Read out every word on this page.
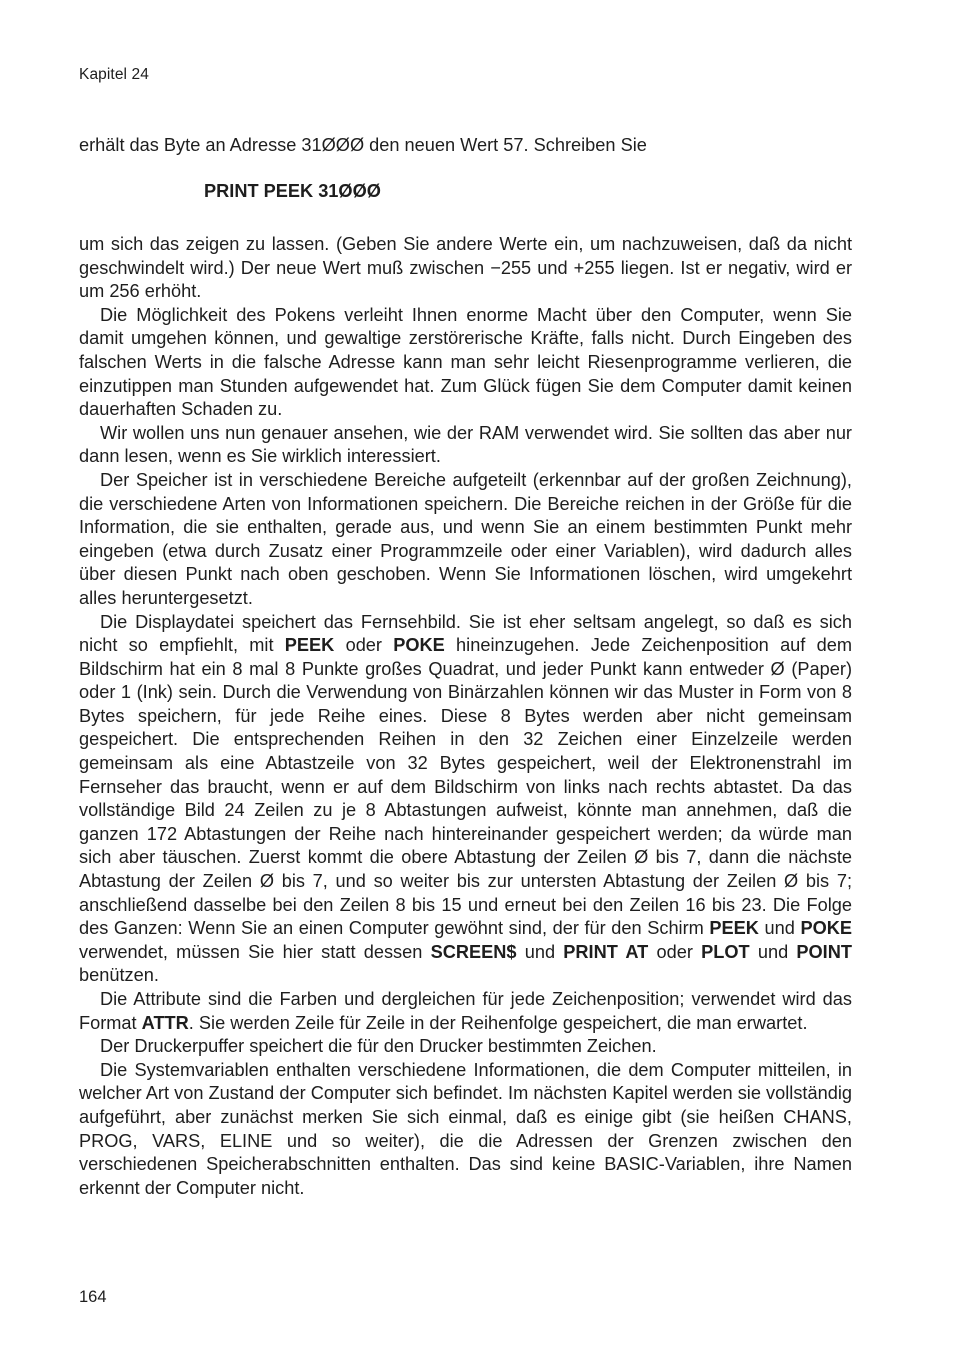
Kapitel 24
erhält das Byte an Adresse 31ØØØ den neuen Wert 57. Schreiben Sie
PRINT PEEK 31ØØØ

um sich das zeigen zu lassen. (Geben Sie andere Werte ein, um nachzuweisen, daß da nicht geschwindelt wird.) Der neue Wert muß zwischen −255 und +255 liegen. Ist er negativ, wird er um 256 erhöht.

Die Möglichkeit des Pokens verleiht Ihnen enorme Macht über den Computer, wenn Sie damit umgehen können, und gewaltige zerstörerische Kräfte, falls nicht. Durch Eingeben des falschen Werts in die falsche Adresse kann man sehr leicht Riesenprogramme verlieren, die einzutippen man Stunden aufgewendet hat. Zum Glück fügen Sie dem Computer damit keinen dauerhaften Schaden zu.

Wir wollen uns nun genauer ansehen, wie der RAM verwendet wird. Sie sollten das aber nur dann lesen, wenn es Sie wirklich interessiert.

Der Speicher ist in verschiedene Bereiche aufgeteilt (erkennbar auf der großen Zeichnung), die verschiedene Arten von Informationen speichern. Die Bereiche reichen in der Größe für die Information, die sie enthalten, gerade aus, und wenn Sie an einem bestimmten Punkt mehr eingeben (etwa durch Zusatz einer Programmzeile oder einer Variablen), wird dadurch alles über diesen Punkt nach oben geschoben. Wenn Sie Informationen löschen, wird umgekehrt alles heruntergesetzt.

Die Displaydatei speichert das Fernsehbild. Sie ist eher seltsam angelegt, so daß es sich nicht so empfiehlt, mit PEEK oder POKE hineinzugehen. Jede Zeichenposition auf dem Bildschirm hat ein 8 mal 8 Punkte großes Quadrat, und jeder Punkt kann entweder Ø (Paper) oder 1 (Ink) sein. Durch die Verwendung von Binärzahlen können wir das Muster in Form von 8 Bytes speichern, für jede Reihe eines. Diese 8 Bytes werden aber nicht gemeinsam gespeichert. Die entsprechenden Reihen in den 32 Zeichen einer Einzelzeile werden gemeinsam als eine Abtastzeile von 32 Bytes gespeichert, weil der Elektronenstrahl im Fernseher das braucht, wenn er auf dem Bildschirm von links nach rechts abtastet. Da das vollständige Bild 24 Zeilen zu je 8 Abtastungen aufweist, könnte man annehmen, daß die ganzen 172 Abtastungen der Reihe nach hintereinander gespeichert werden; da würde man sich aber täuschen. Zuerst kommt die obere Abtastung der Zeilen Ø bis 7, dann die nächste Abtastung der Zeilen Ø bis 7, und so weiter bis zur untersten Abtastung der Zeilen Ø bis 7; anschließend dasselbe bei den Zeilen 8 bis 15 und erneut bei den Zeilen 16 bis 23. Die Folge des Ganzen: Wenn Sie an einen Computer gewöhnt sind, der für den Schirm PEEK und POKE verwendet, müssen Sie hier statt dessen SCREEN$ und PRINT AT oder PLOT und POINT benützen.

Die Attribute sind die Farben und dergleichen für jede Zeichenposition; verwendet wird das Format ATTR. Sie werden Zeile für Zeile in der Reihenfolge gespeichert, die man erwartet.

Der Druckerpuffer speichert die für den Drucker bestimmten Zeichen.

Die Systemvariablen enthalten verschiedene Informationen, die dem Computer mitteilen, in welcher Art von Zustand der Computer sich befindet. Im nächsten Kapitel werden sie vollständig aufgeführt, aber zunächst merken Sie sich einmal, daß es einige gibt (sie heißen CHANS, PROG, VARS, ELINE und so weiter), die die Adressen der Grenzen zwischen den verschiedenen Speicherabschnitten enthalten. Das sind keine BASIC-Variablen, ihre Namen erkennt der Computer nicht.

164
